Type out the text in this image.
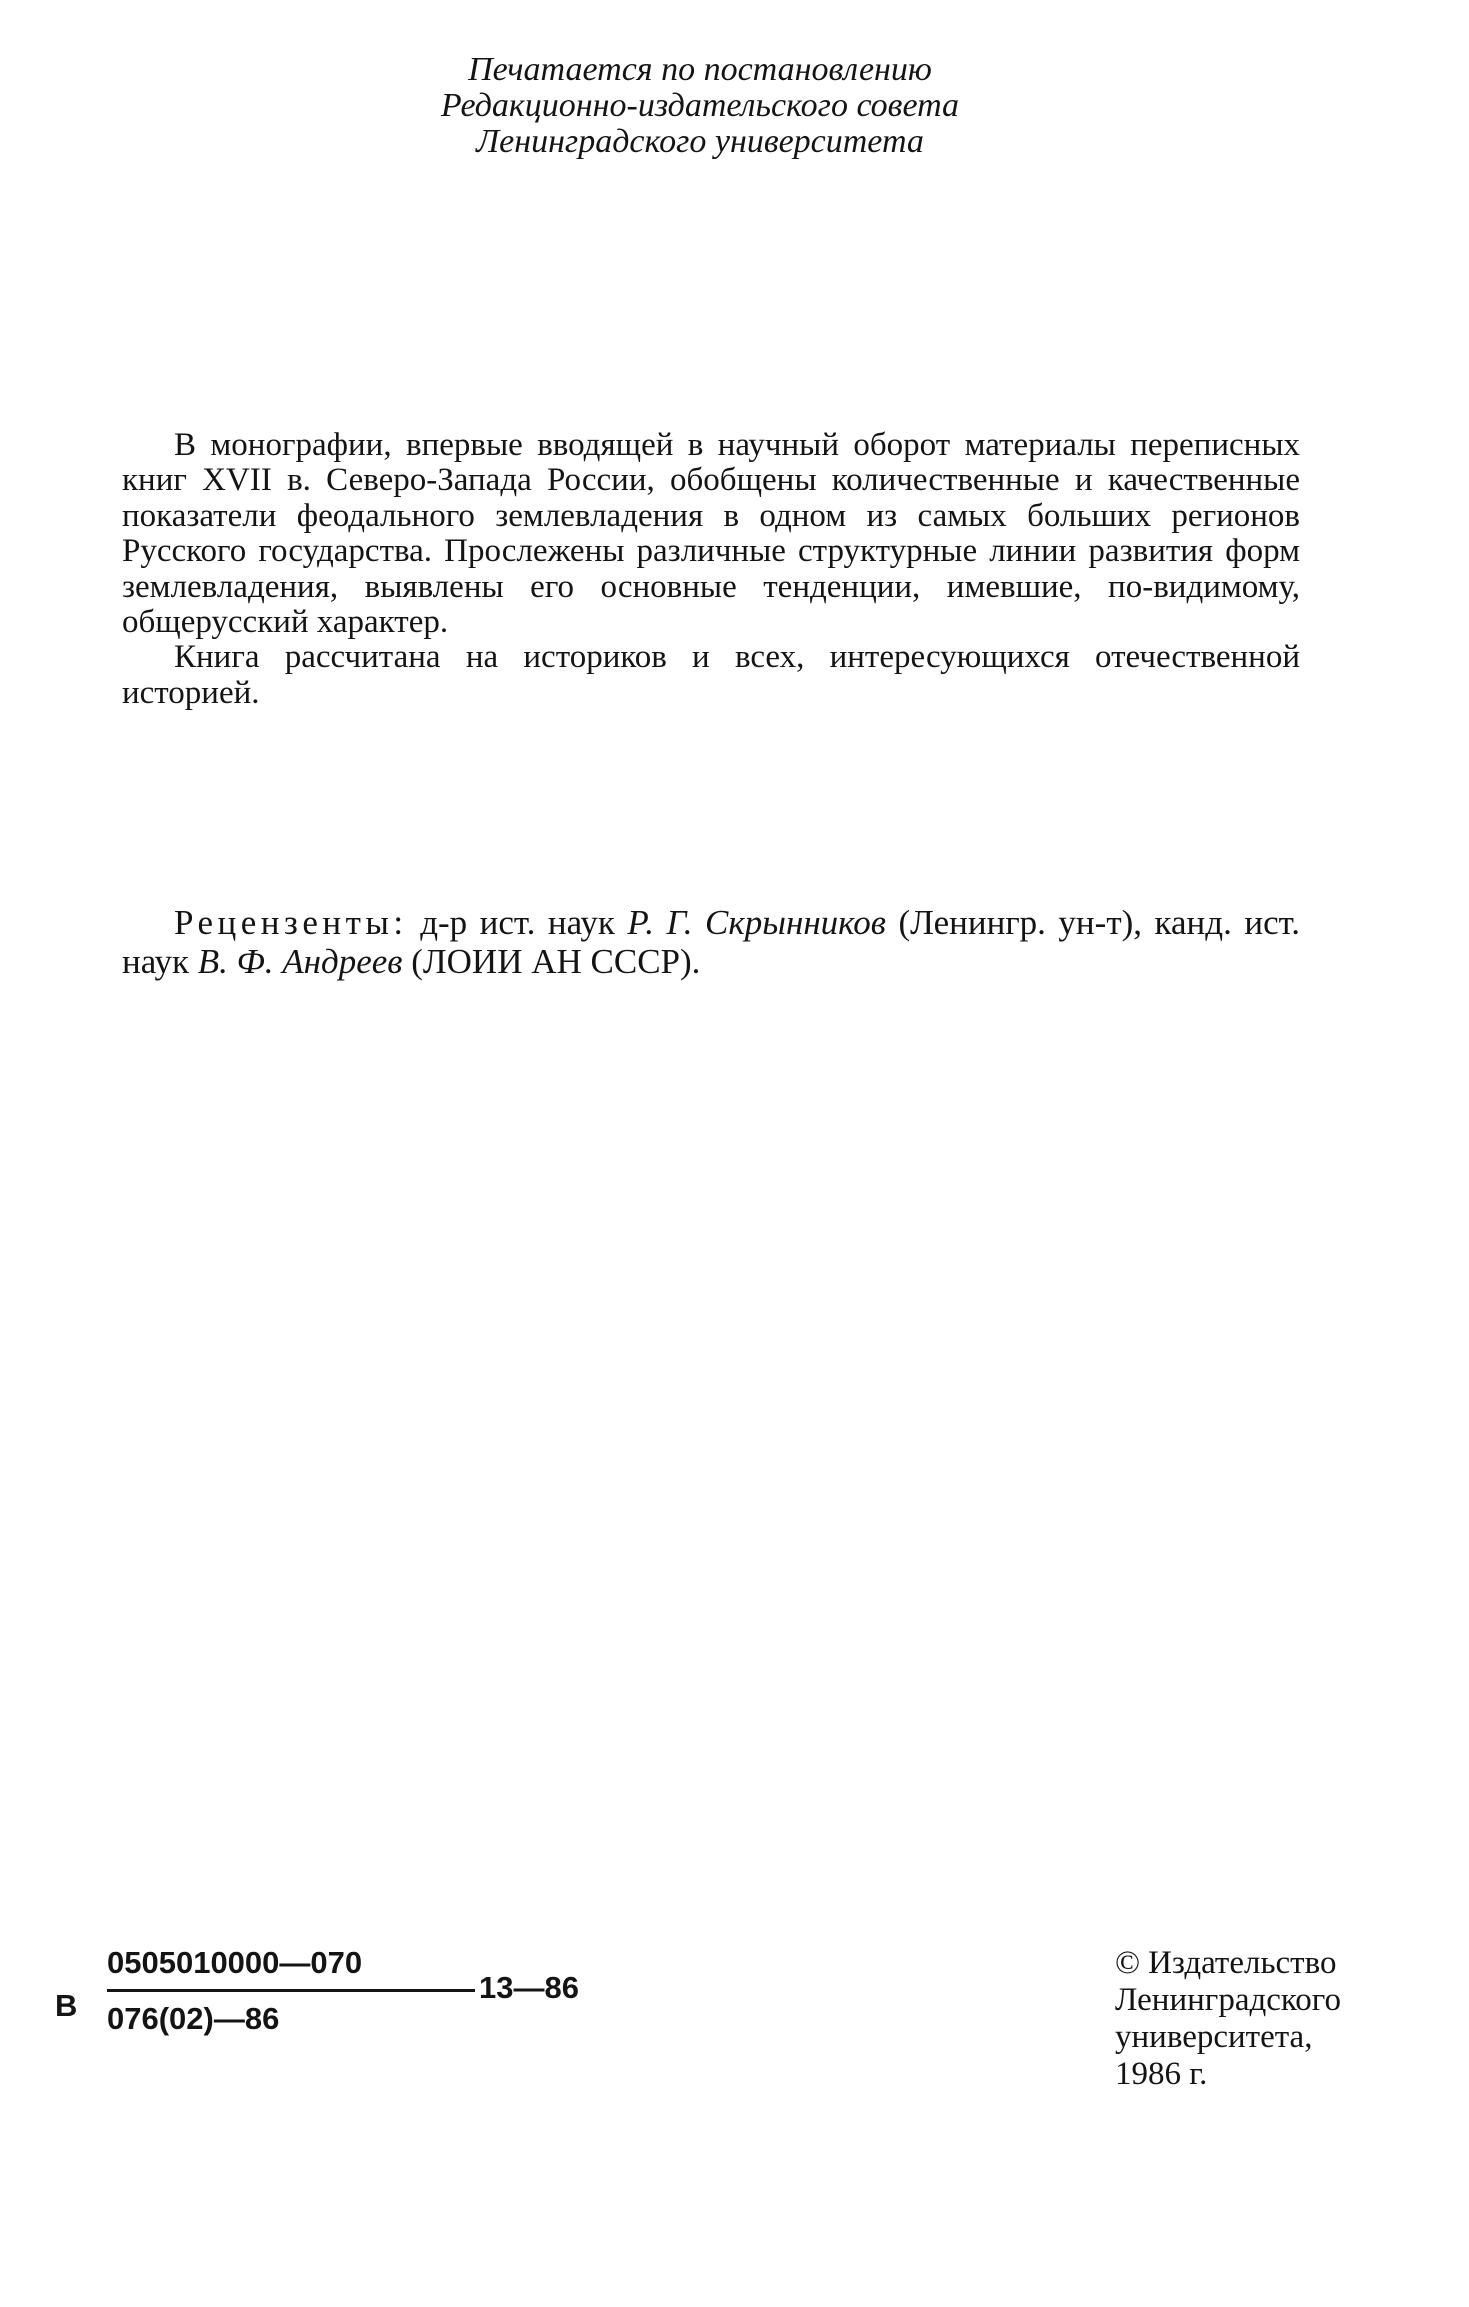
Печатается по постановлению
Редакционно-издательского совета
Ленинградского университета

В монографии, впервые вводящей в научный оборот материалы переписных книг XVII в. Северо-Запада России, обобщены количественные и качественные показатели феодального землевладения в одном из самых больших регионов Русского государства. Прослежены различные структурные линии развития форм землевладения, выявлены его основные тенденции, имевшие, по-видимому, общерусский характер.

Книга рассчитана на историков и всех, интересующихся отечественной историей.

Рецензенты: д-р ист. наук Р. Г. Скрынников (Ленингр. ун-т), канд. ист. наук В. Ф. Андреев (ЛОИИ АН СССР).
В
0505010000—070
076(02)—86
13—86
© Издательство
Ленинградского
университета,
1986 г.
